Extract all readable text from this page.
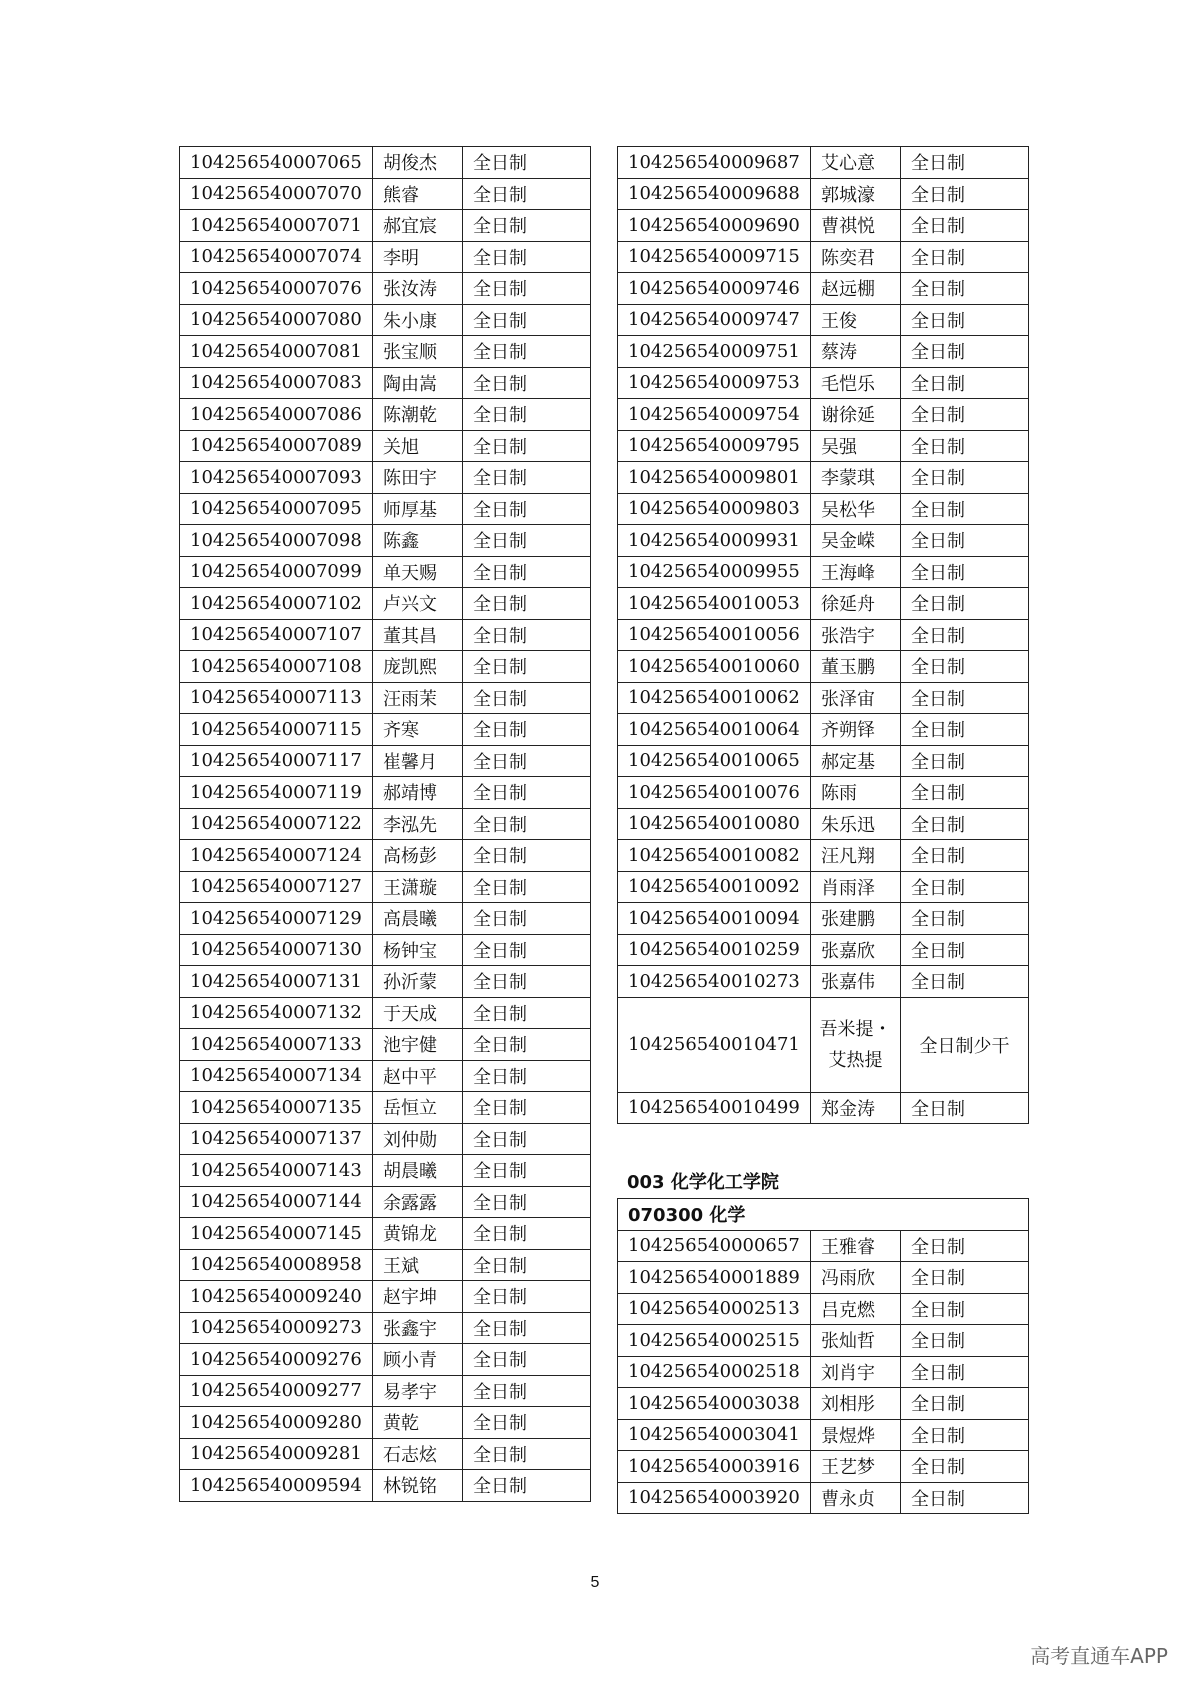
104256540007065	胡俊杰	全日制
104256540007070	熊睿	全日制
104256540007071	郝宜宸	全日制
104256540007074	李明	全日制
104256540007076	张汝涛	全日制
104256540007080	朱小康	全日制
104256540007081	张宝顺	全日制
104256540007083	陶由嵩	全日制
104256540007086	陈潮乾	全日制
104256540007089	关旭	全日制
104256540007093	陈田宇	全日制
104256540007095	师厚基	全日制
104256540007098	陈鑫	全日制
104256540007099	单天赐	全日制
104256540007102	卢兴文	全日制
104256540007107	董其昌	全日制
104256540007108	庞凯熙	全日制
104256540007113	汪雨茉	全日制
104256540007115	齐寒	全日制
104256540007117	崔馨月	全日制
104256540007119	郝靖博	全日制
104256540007122	李泓先	全日制
104256540007124	高杨彭	全日制
104256540007127	王潇璇	全日制
104256540007129	高晨曦	全日制
104256540007130	杨钟宝	全日制
104256540007131	孙沂蒙	全日制
104256540007132	于天成	全日制
104256540007133	池宇健	全日制
104256540007134	赵中平	全日制
104256540007135	岳恒立	全日制
104256540007137	刘仲勋	全日制
104256540007143	胡晨曦	全日制
104256540007144	余露露	全日制
104256540007145	黄锦龙	全日制
104256540008958	王斌	全日制
104256540009240	赵宇坤	全日制
104256540009273	张鑫宇	全日制
104256540009276	顾小青	全日制
104256540009277	易孝宇	全日制
104256540009280	黄乾	全日制
104256540009281	石志炫	全日制
104256540009594	林锐铭	全日制
104256540009687	艾心意	全日制
104256540009688	郭城濠	全日制
104256540009690	曹祺悦	全日制
104256540009715	陈奕君	全日制
104256540009746	赵远棚	全日制
104256540009747	王俊	全日制
104256540009751	蔡涛	全日制
104256540009753	毛恺乐	全日制
104256540009754	谢徐延	全日制
104256540009795	吴强	全日制
104256540009801	李蒙琪	全日制
104256540009803	吴松华	全日制
104256540009931	吴金嵘	全日制
104256540009955	王海峰	全日制
104256540010053	徐延舟	全日制
104256540010056	张浩宇	全日制
104256540010060	董玉鹏	全日制
104256540010062	张泽宙	全日制
104256540010064	齐朔铎	全日制
104256540010065	郝定基	全日制
104256540010076	陈雨	全日制
104256540010080	朱乐迅	全日制
104256540010082	汪凡翔	全日制
104256540010092	肖雨泽	全日制
104256540010094	张建鹏	全日制
104256540010259	张嘉欣	全日制
104256540010273	张嘉伟	全日制
104256540010471	吾米提・艾热提	全日制少干
104256540010499	郑金涛	全日制
003 化学化工学院
070300 化学		
104256540000657	王雅睿	全日制
104256540001889	冯雨欣	全日制
104256540002513	吕克燃	全日制
104256540002515	张灿哲	全日制
104256540002518	刘肖宇	全日制
104256540003038	刘相彤	全日制
104256540003041	景煜烨	全日制
104256540003916	王艺梦	全日制
104256540003920	曹永贞	全日制
5
高考直通车APP
